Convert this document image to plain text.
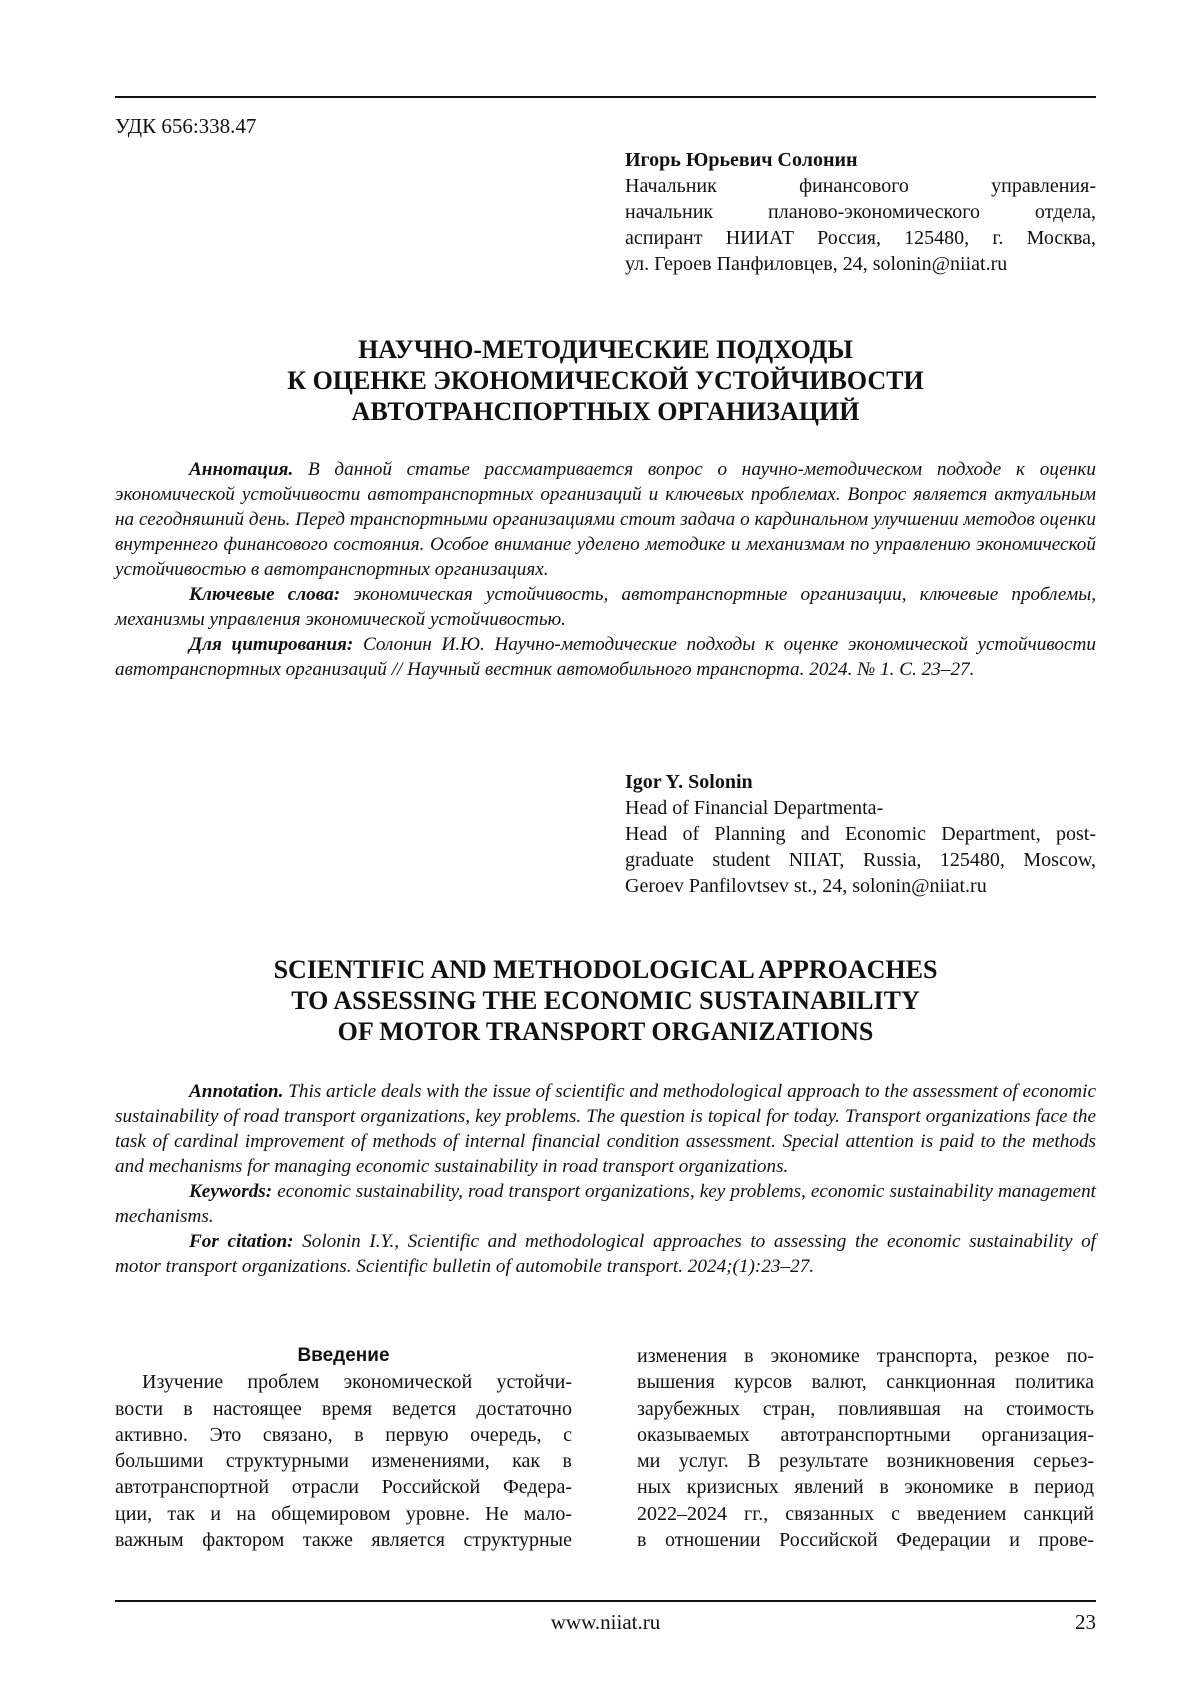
УДК 656:338.47
Игорь Юрьевич Солонин
Начальник финансового управления-
начальник планово-экономического отдела,
аспирант НИИАТ Россия, 125480, г. Москва,
ул. Героев Панфиловцев, 24, solonin@niiat.ru
НАУЧНО-МЕТОДИЧЕСКИЕ ПОДХОДЫ
К ОЦЕНКЕ ЭКОНОМИЧЕСКОЙ УСТОЙЧИВОСТИ
АВТОТРАНСПОРТНЫХ ОРГАНИЗАЦИЙ

Аннотация. В данной статье рассматривается вопрос о научно-методическом подходе к оценки экономической устойчивости автотранспортных организаций и ключевых проблемах. Вопрос является актуальным на сегодняшний день. Перед транспортными организациями стоит задача о кардинальном улучшении методов оценки внутреннего финансового состояния. Особое внимание уделено методике и механизмам по управлению экономической устойчивостью в автотранспортных организациях.

Ключевые слова: экономическая устойчивость, автотранспортные организации, ключевые проблемы, механизмы управления экономической устойчивостью.

Для цитирования: Солонин И.Ю. Научно-методические подходы к оценке экономической устойчивости автотранспортных организаций // Научный вестник автомобильного транспорта. 2024. № 1. С. 23–27.

Igor Y. Solonin
Head of Financial Departmenta-
Head of Planning and Economic Department, post-
graduate student NIIAT, Russia, 125480, Moscow,
Geroev Panfilovtsev st., 24, solonin@niiat.ru
SCIENTIFIC AND METHODOLOGICAL APPROACHES
TO ASSESSING THE ECONOMIC SUSTAINABILITY
OF MOTOR TRANSPORT ORGANIZATIONS

Annotation. This article deals with the issue of scientific and methodological approach to the assessment of economic sustainability of road transport organizations, key problems. The question is topical for today. Transport organizations face the task of cardinal improvement of methods of internal financial condition assessment. Special attention is paid to the methods and mechanisms for managing economic sustainability in road transport organizations.

Keywords: economic sustainability, road transport organizations, key problems, economic sustainability management mechanisms.

For citation: Solonin I.Y., Scientific and methodological approaches to assessing the economic sustainability of motor transport organizations. Scientific bulletin of automobile transport. 2024;(1):23–27.

Введение
Изучение проблем экономической устойчи-
вости в настоящее время ведется достаточно
активно. Это связано, в первую очередь, с
большими структурными изменениями, как в
автотранспортной отрасли Российской Федера-
ции, так и на общемировом уровне. Не мало-
важным фактором также является структурные
изменения в экономике транспорта, резкое по-
вышения курсов валют, санкционная политика
зарубежных стран, повлиявшая на стоимость
оказываемых автотранспортными организация-
ми услуг. В результате возникновения серьез-
ных кризисных явлений в экономике в период
2022–2024 гг., связанных с введением санкций
в отношении Российской Федерации и прове-
www.niiat.ru	23
